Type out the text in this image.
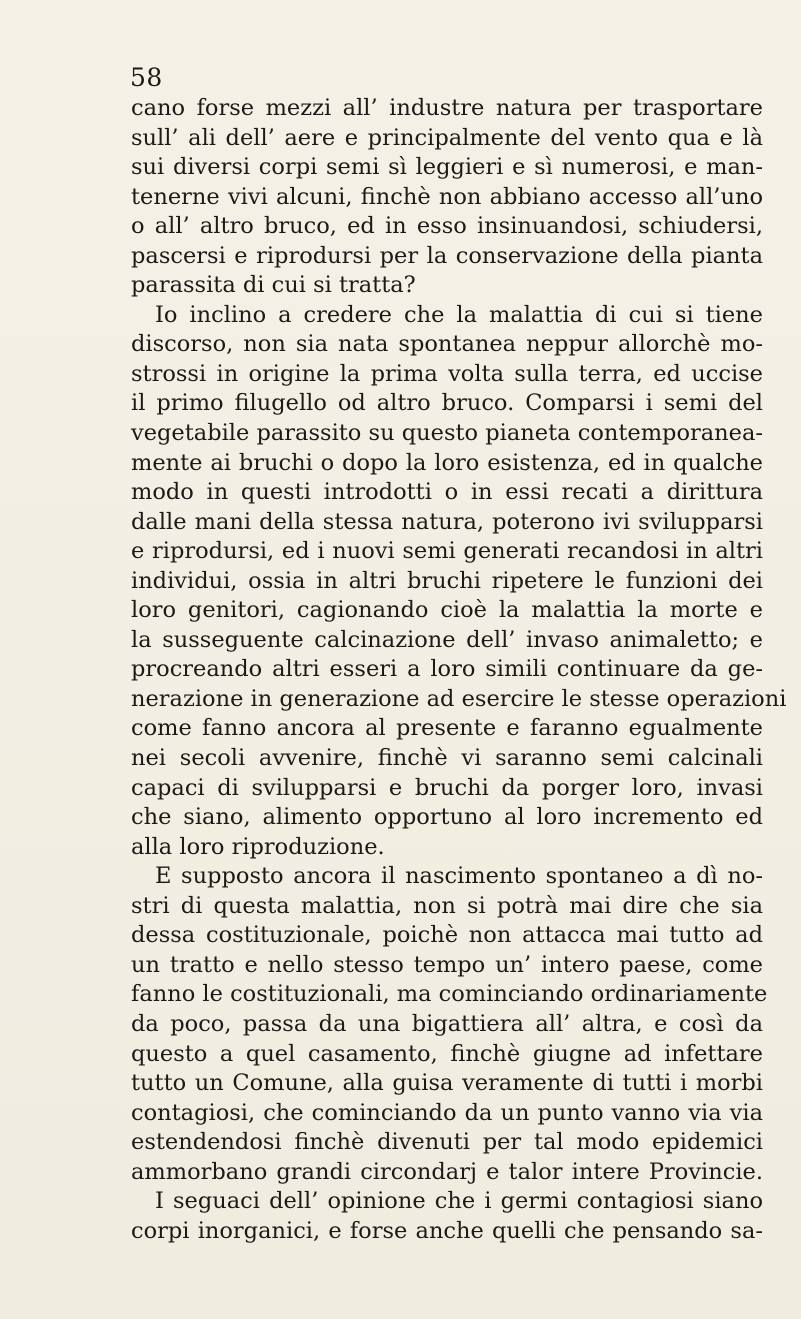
58
cano forse mezzi all’ industre natura per trasportare
sull’ ali dell’ aere e principalmente del vento qua e là
sui diversi corpi semi sì leggieri e sì numerosi, e man-
tenerne vivi alcuni, finchè non abbiano accesso all’uno
o all’ altro bruco, ed in esso insinuandosi, schiudersi,
pascersi e riprodursi per la conservazione della pianta
parassita di cui si tratta?
Io inclino a credere che la malattia di cui si tiene
discorso, non sia nata spontanea neppur allorchè mo-
strossi in origine la prima volta sulla terra, ed uccise
il primo filugello od altro bruco. Comparsi i semi del
vegetabile parassito su questo pianeta contemporanea-
mente ai bruchi o dopo la loro esistenza, ed in qualche
modo in questi introdotti o in essi recati a dirittura
dalle mani della stessa natura, poterono ivi svilupparsi
e riprodursi, ed i nuovi semi generati recandosi in altri
individui, ossia in altri bruchi ripetere le funzioni dei
loro genitori, cagionando cioè la malattia la morte e
la susseguente calcinazione dell’ invaso animaletto; e
procreando altri esseri a loro simili continuare da ge-
nerazione in generazione ad esercire le stesse operazioni
come fanno ancora al presente e faranno egualmente
nei secoli avvenire, finchè vi saranno semi calcinali
capaci di svilupparsi e bruchi da porger loro, invasi
che siano, alimento opportuno al loro incremento ed
alla loro riproduzione.
E supposto ancora il nascimento spontaneo a dì no-
stri di questa malattia, non si potrà mai dire che sia
dessa costituzionale, poichè non attacca mai tutto ad
un tratto e nello stesso tempo un’ intero paese, come
fanno le costituzionali, ma cominciando ordinariamente
da poco, passa da una bigattiera all’ altra, e così da
questo a quel casamento, finchè giugne ad infettare
tutto un Comune, alla guisa veramente di tutti i morbi
contagiosi, che cominciando da un punto vanno via via
estendendosi finchè divenuti per tal modo epidemici
ammorbano grandi circondarj e talor intere Provincie.
I seguaci dell’ opinione che i germi contagiosi siano
corpi inorganici, e forse anche quelli che pensando sa-
